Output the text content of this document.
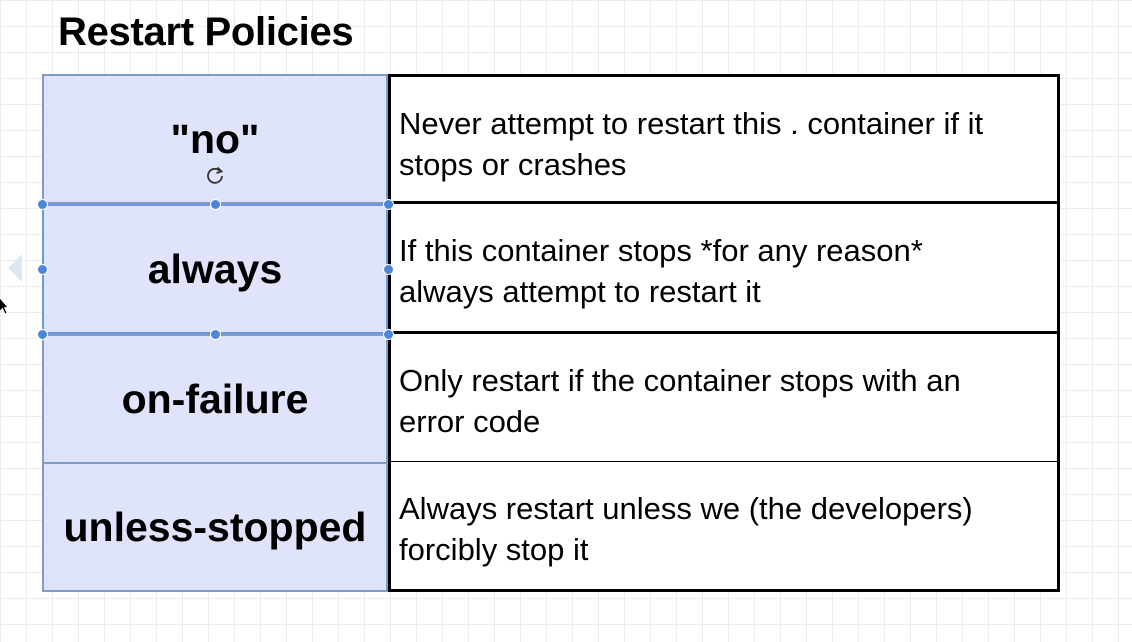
Restart Policies
"no"	Never attempt to restart this . container if it
stops or crashes
always	If this container stops *for any reason*
always attempt to restart it
on-failure	Only restart if the container stops with an
error code
unless-stopped	Always restart unless we (the developers)
forcibly stop it
